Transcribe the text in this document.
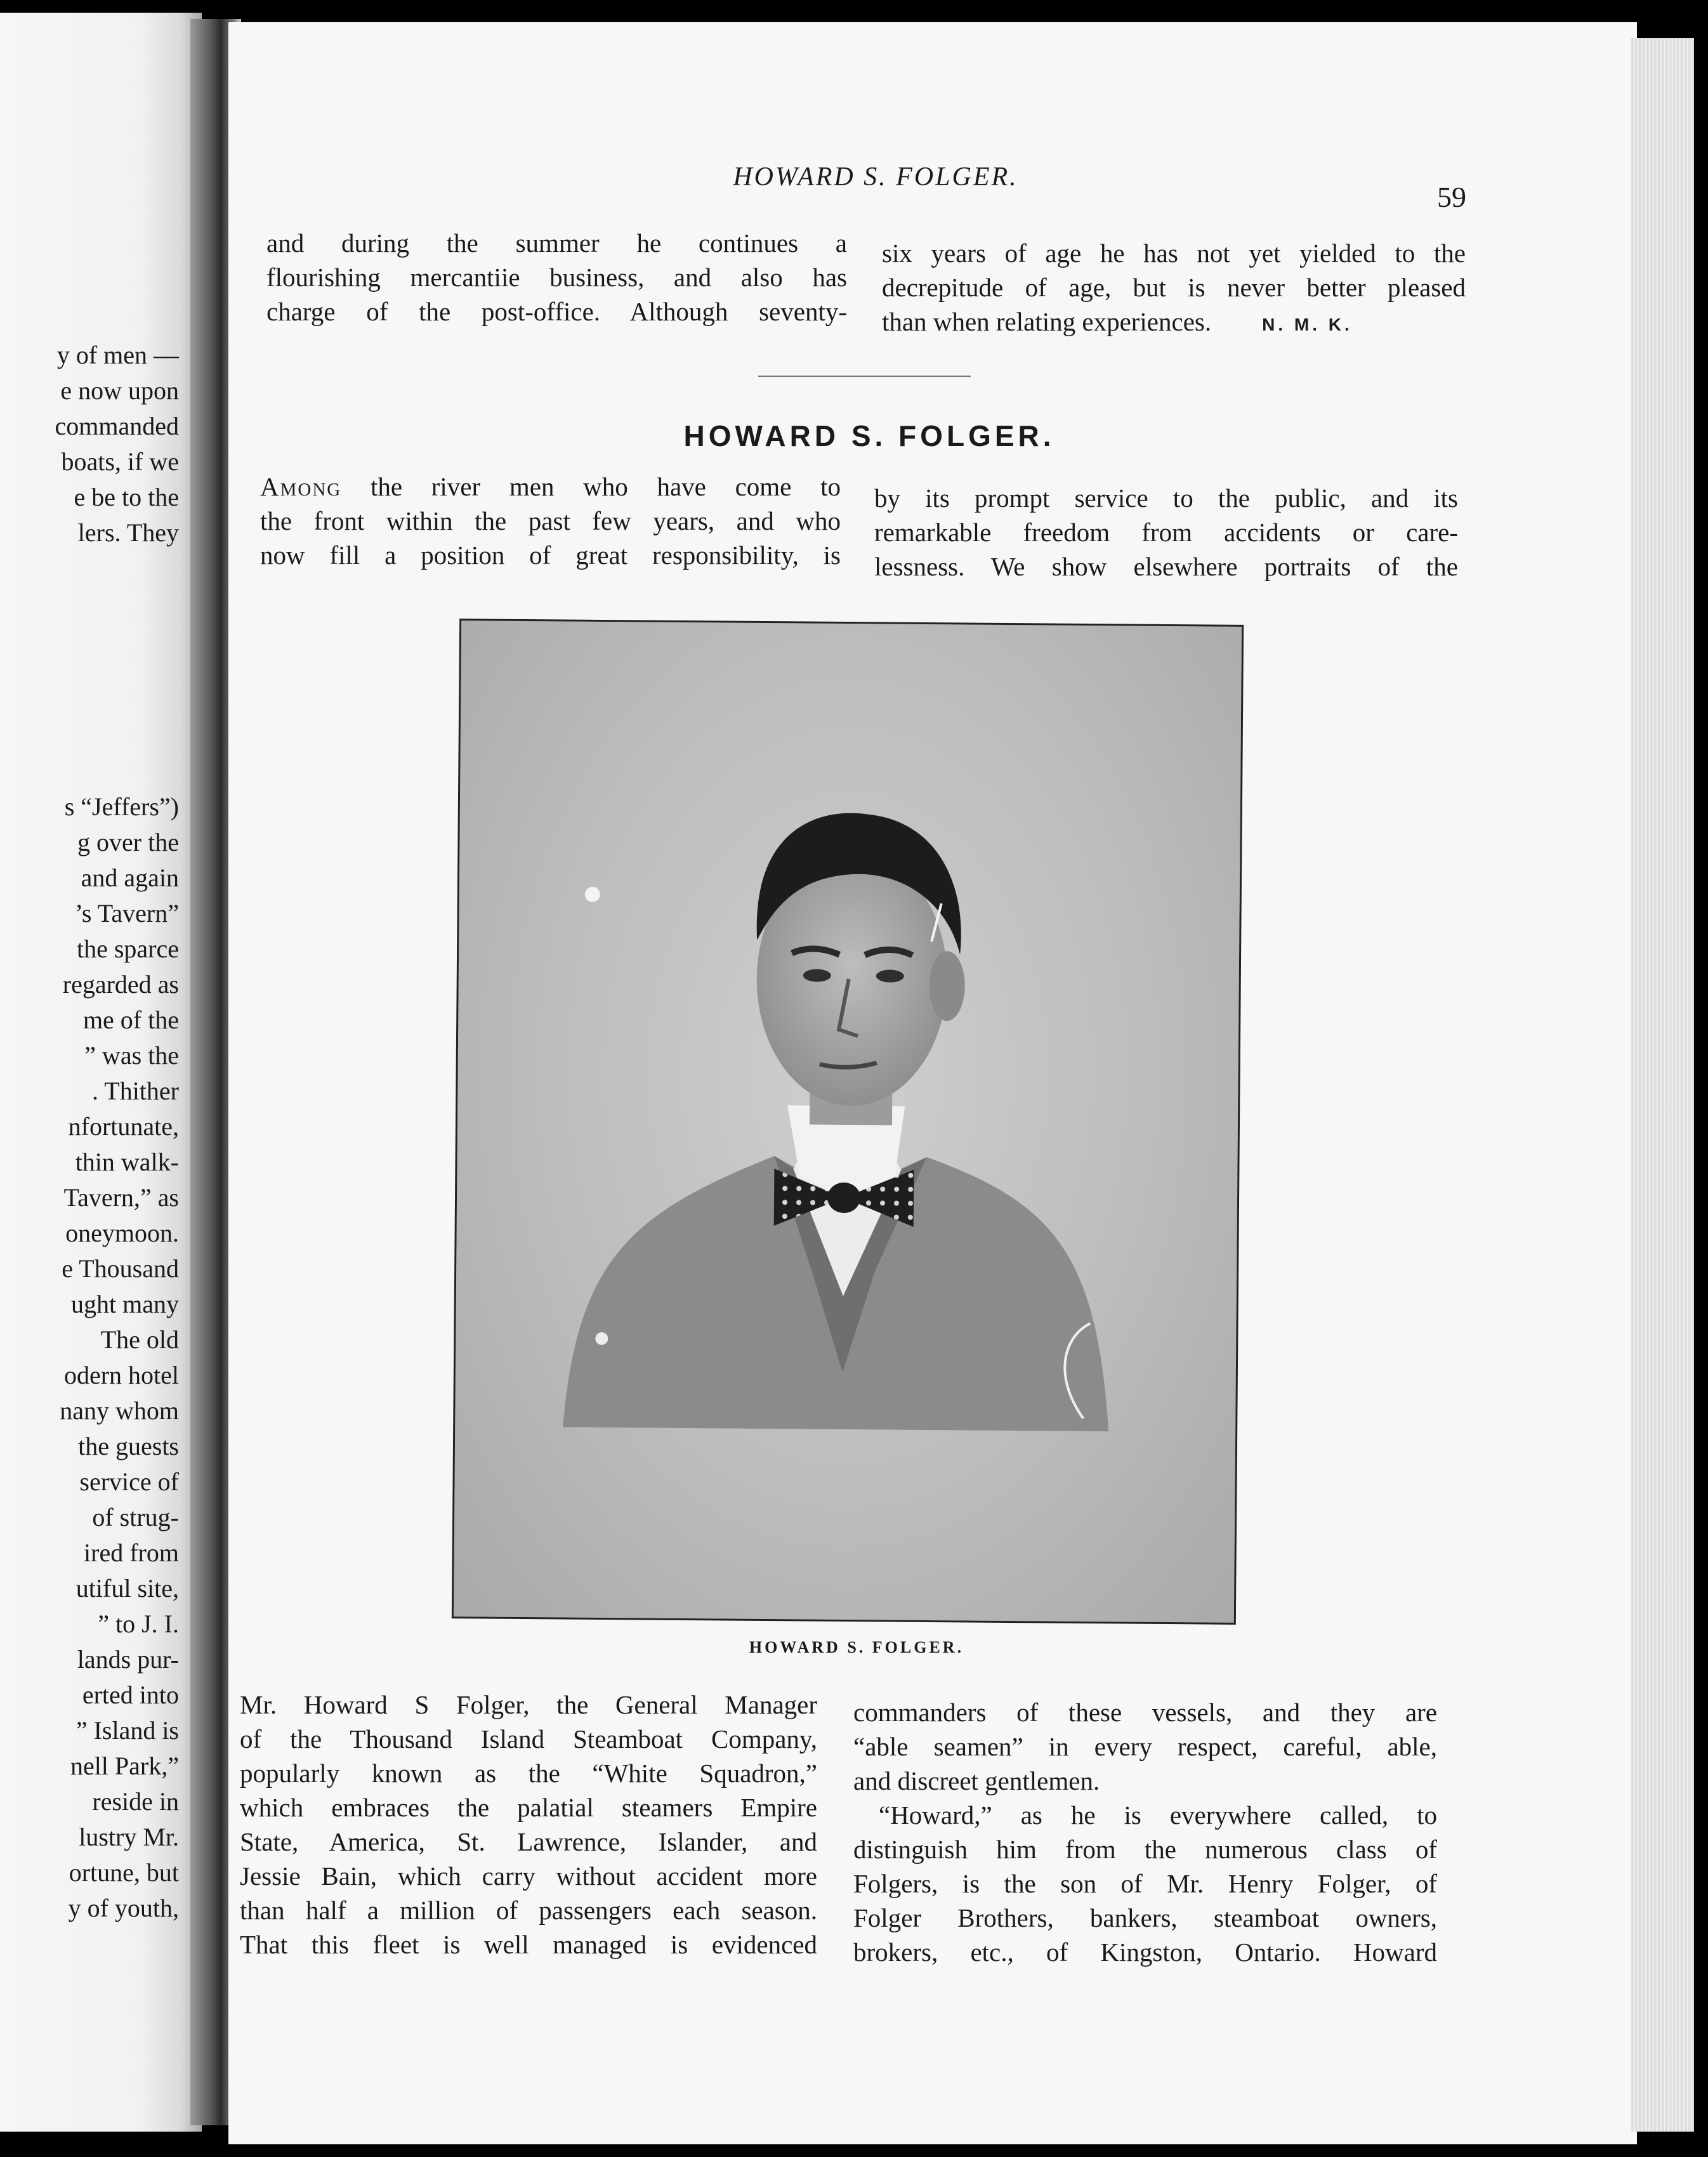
y of men —
e now upon
commanded
boats, if we
e be to the
lers. They
s “Jeffers”)
g over the
and again
’s Tavern”
the sparce
regarded as
me of the
” was the
. Thither
nfortunate,
thin walk-
Tavern,” as
oneymoon.
e Thousand
ught many
The old
odern hotel
nany whom
the guests
service of
of strug-
ired from
utiful site,
” to J. I.
lands pur-
erted into
” Island is
nell Park,”
reside in
lustry Mr.
ortune, but
y of youth,
HOWARD S. FOLGER.
59
and during the summer he continues a
flourishing mercantiie business, and also has
charge of the post-office. Although seventy-
six years of age he has not yet yielded to the
decrepitude of age, but is never better pleased
than when relating experiences.	N. M. K.
HOWARD S. FOLGER.
Among the river men who have come to
the front within the past few years, and who
now fill a position of great responsibility, is
by its prompt service to the public, and its
remarkable freedom from accidents or care-
lessness. We show elsewhere portraits of the
HOWARD S. FOLGER.
Mr. Howard S Folger, the General Manager
of the Thousand Island Steamboat Company,
popularly known as the “White Squadron,”
which embraces the palatial steamers Empire
State, America, St. Lawrence, Islander, and
Jessie Bain, which carry without accident more
than half a million of passengers each season.
That this fleet is well managed is evidenced
commanders of these vessels, and they are
“able seamen” in every respect, careful, able,
and discreet gentlemen.
“Howard,” as he is everywhere called, to
distinguish him from the numerous class of
Folgers, is the son of Mr. Henry Folger, of
Folger Brothers, bankers, steamboat owners,
brokers, etc., of Kingston, Ontario. Howard
